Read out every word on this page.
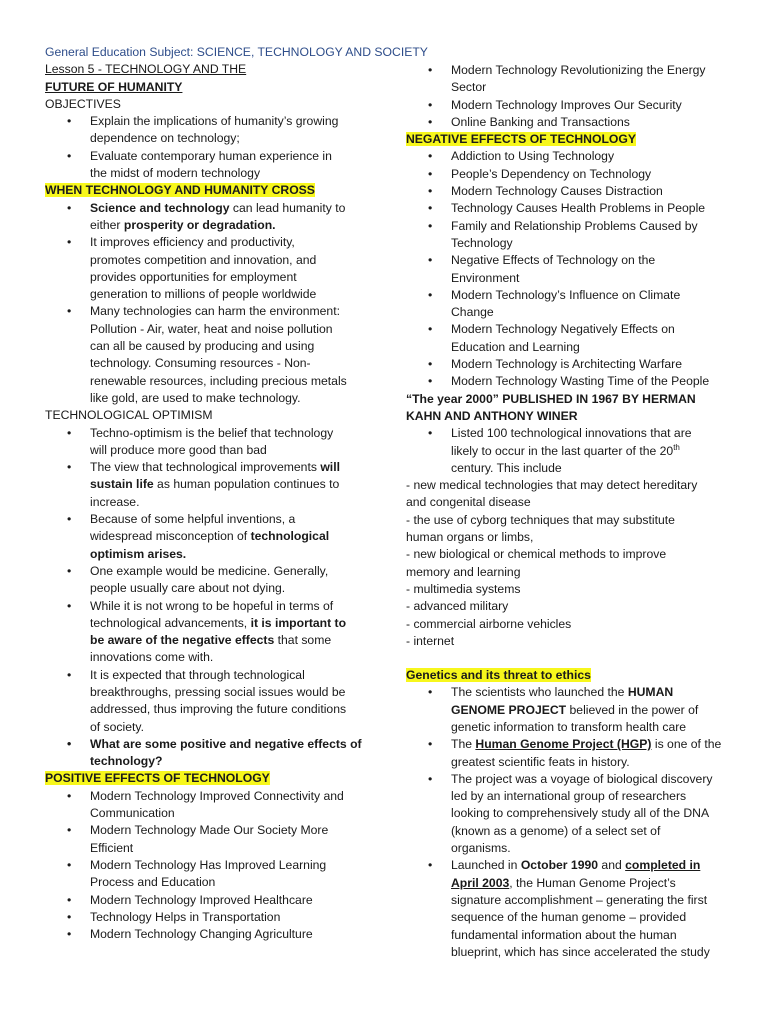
General Education Subject: SCIENCE, TECHNOLOGY AND SOCIETY
Lesson 5 - TECHNOLOGY AND THE
FUTURE OF HUMANITY
OBJECTIVES
• Explain the implications of humanity’s growing
dependence on technology;
• Evaluate contemporary human experience in
the midst of modern technology
WHEN TECHNOLOGY AND HUMANITY CROSS
• Science and technology can lead humanity to
either prosperity or degradation.
• It improves efficiency and productivity,
promotes competition and innovation, and
provides opportunities for employment
generation to millions of people worldwide
• Many technologies can harm the environment:
Pollution - Air, water, heat and noise pollution
can all be caused by producing and using
technology. Consuming resources - Non-
renewable resources, including precious metals
like gold, are used to make technology.
TECHNOLOGICAL OPTIMISM
• Techno-optimism is the belief that technology
will produce more good than bad
• The view that technological improvements will
sustain life as human population continues to
increase.
• Because of some helpful inventions, a
widespread misconception of technological
optimism arises.
• One example would be medicine. Generally,
people usually care about not dying.
• While it is not wrong to be hopeful in terms of
technological advancements, it is important to
be aware of the negative effects that some
innovations come with.
• It is expected that through technological
breakthroughs, pressing social issues would be
addressed, thus improving the future conditions
of society.
• What are some positive and negative effects of
technology?
POSITIVE EFFECTS OF TECHNOLOGY
• Modern Technology Improved Connectivity and
Communication
• Modern Technology Made Our Society More
Efficient
• Modern Technology Has Improved Learning
Process and Education
• Modern Technology Improved Healthcare
• Technology Helps in Transportation
• Modern Technology Changing Agriculture
• Modern Technology Revolutionizing the Energy
Sector
• Modern Technology Improves Our Security
• Online Banking and Transactions
NEGATIVE EFFECTS OF TECHNOLOGY
• Addiction to Using Technology
• People’s Dependency on Technology
• Modern Technology Causes Distraction
• Technology Causes Health Problems in People
• Family and Relationship Problems Caused by
Technology
• Negative Effects of Technology on the
Environment
• Modern Technology’s Influence on Climate
Change
• Modern Technology Negatively Effects on
Education and Learning
• Modern Technology is Architecting Warfare
• Modern Technology Wasting Time of the People
“The year 2000” PUBLISHED IN 1967 BY HERMAN
KAHN AND ANTHONY WINER
• Listed 100 technological innovations that are
likely to occur in the last quarter of the 20th
century. This include
- new medical technologies that may detect hereditary
and congenital disease
- the use of cyborg techniques that may substitute
human organs or limbs,
- new biological or chemical methods to improve
memory and learning
- multimedia systems
- advanced military
- commercial airborne vehicles
- internet
Genetics and its threat to ethics
• The scientists who launched the HUMAN
GENOME PROJECT believed in the power of
genetic information to transform health care
• The Human Genome Project (HGP) is one of the
greatest scientific feats in history.
• The project was a voyage of biological discovery
led by an international group of researchers
looking to comprehensively study all of the DNA
(known as a genome) of a select set of
organisms.
• Launched in October 1990 and completed in
April 2003, the Human Genome Project’s
signature accomplishment – generating the first
sequence of the human genome – provided
fundamental information about the human
blueprint, which has since accelerated the study
